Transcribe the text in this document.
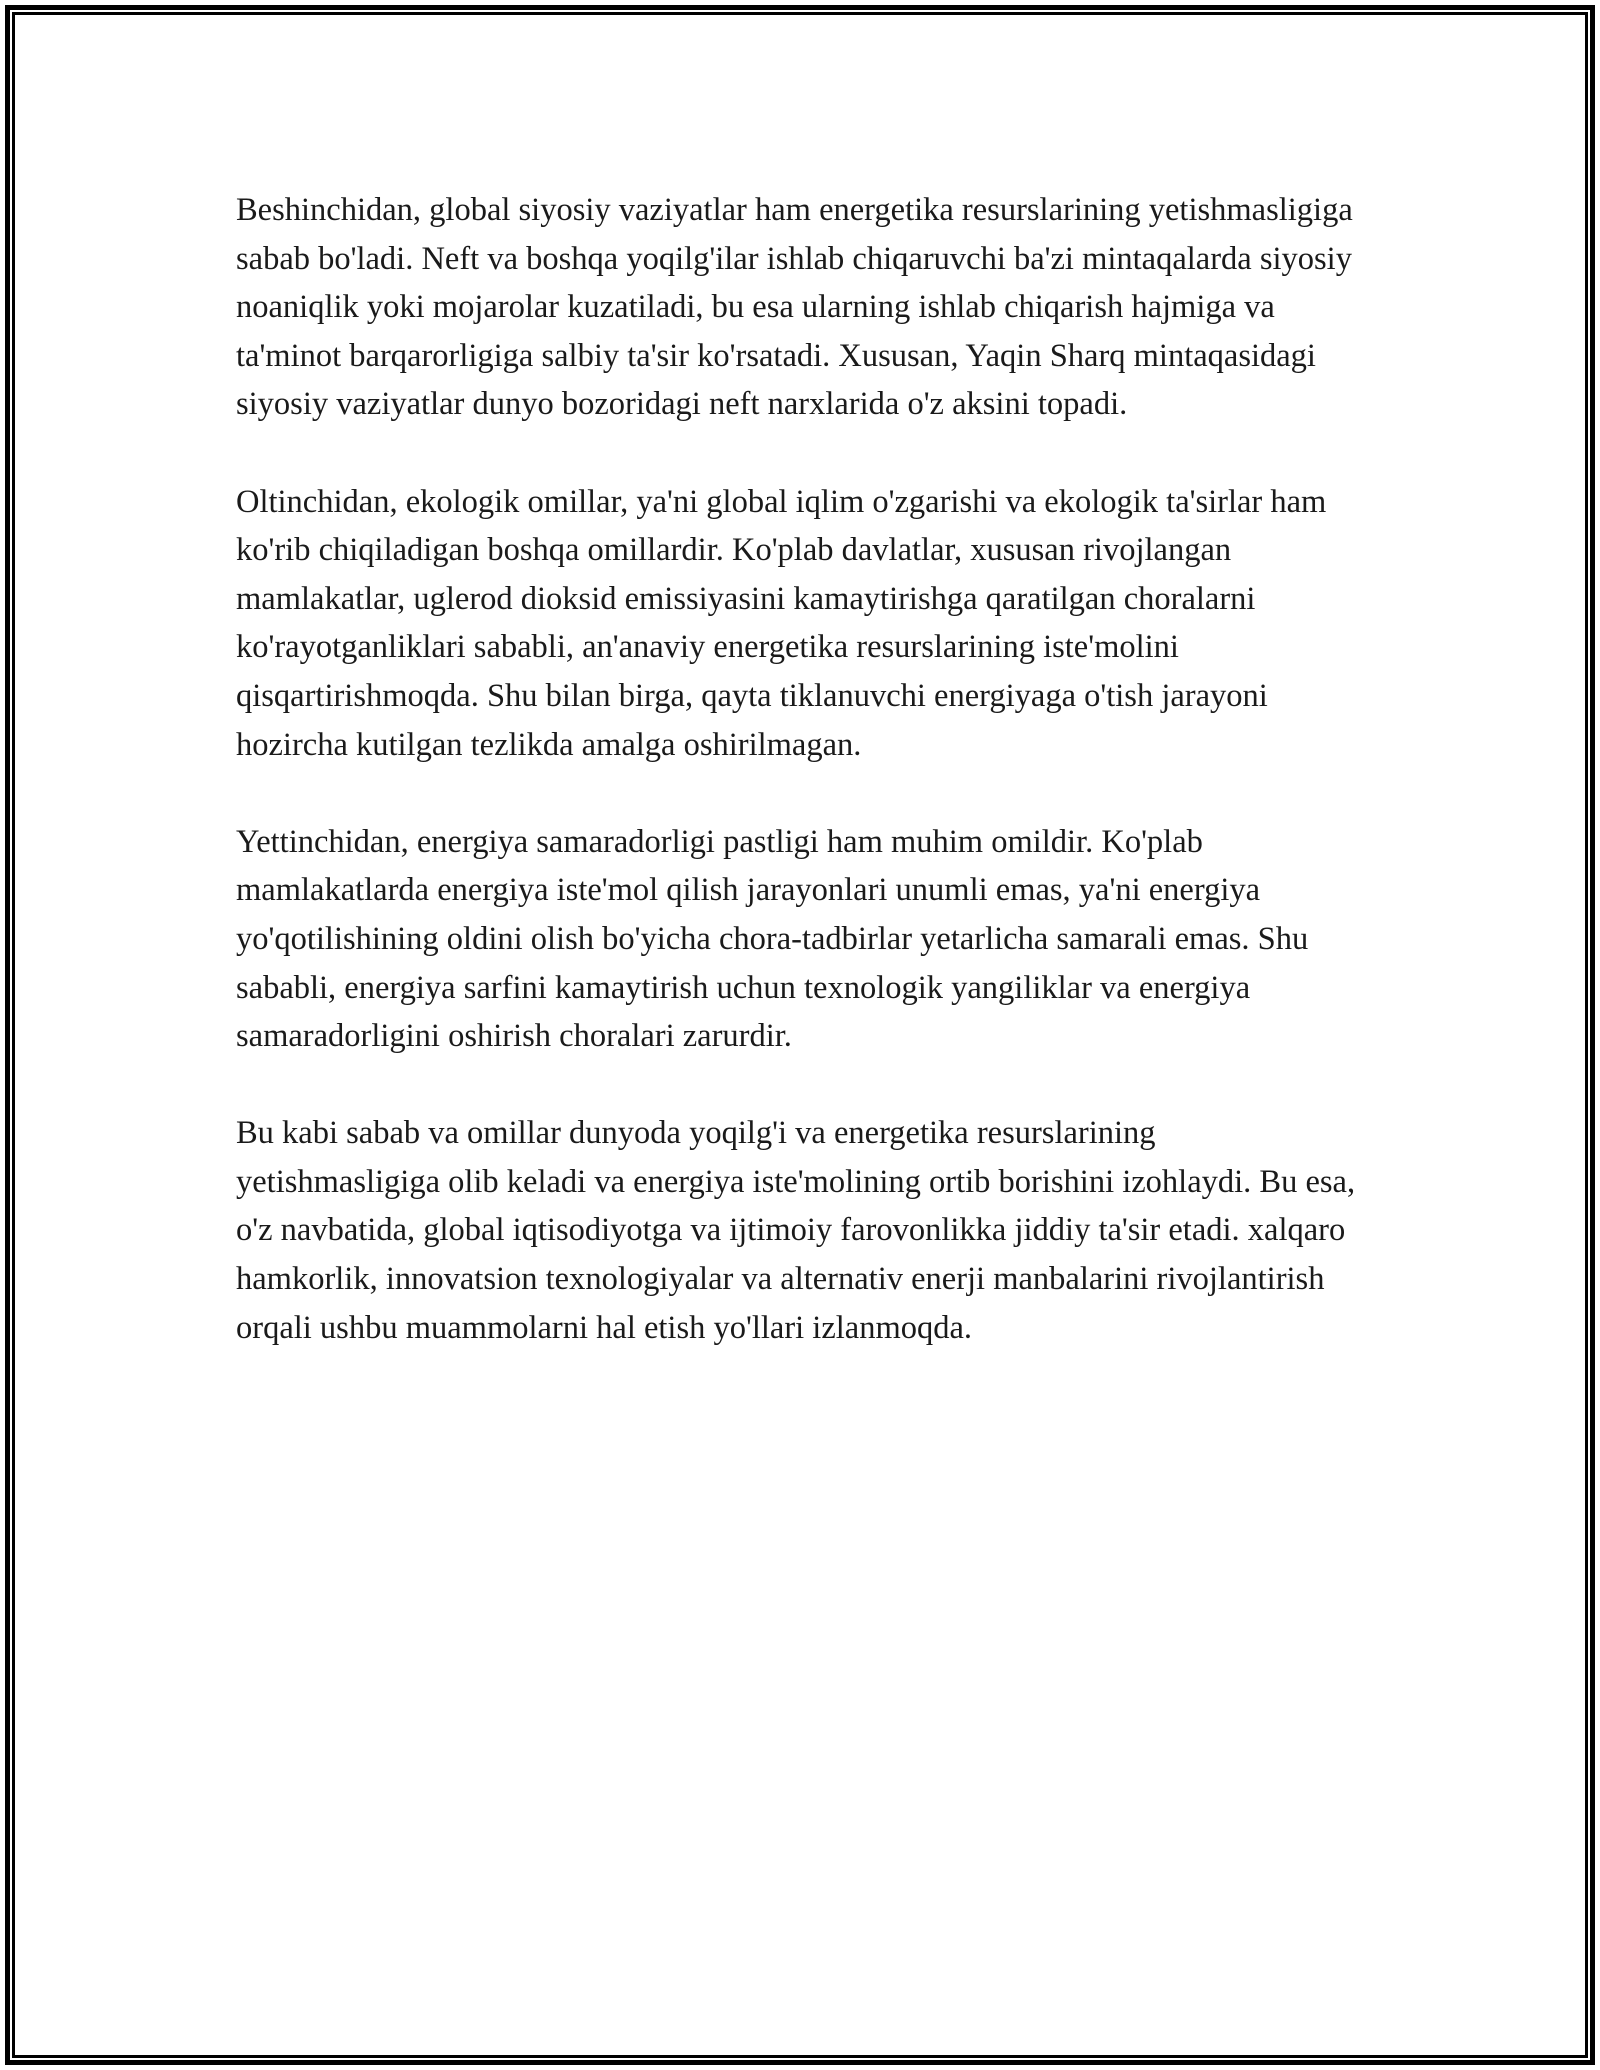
Beshinchidan, global siyosiy vaziyatlar ham energetika resurslarining yetishmasligiga sabab bo'ladi. Neft va boshqa yoqilg'ilar ishlab chiqaruvchi ba'zi mintaqalarda siyosiy noaniqlik yoki mojarolar kuzatiladi, bu esa ularning ishlab chiqarish hajmiga va ta'minot barqarorligiga salbiy ta'sir ko'rsatadi. Xususan, Yaqin Sharq mintaqasidagi siyosiy vaziyatlar dunyo bozoridagi neft narxlarida o'z aksini topadi.

Oltinchidan, ekologik omillar, ya'ni global iqlim o'zgarishi va ekologik ta'sirlar ham ko'rib chiqiladigan boshqa omillardir. Ko'plab davlatlar, xususan rivojlangan mamlakatlar, uglerod dioksid emissiyasini kamaytirishga qaratilgan choralarni ko'rayotganliklari sababli, an'anaviy energetika resurslarining iste'molini qisqartirishmoqda. Shu bilan birga, qayta tiklanuvchi energiyaga o'tish jarayoni hozircha kutilgan tezlikda amalga oshirilmagan.

Yettinchidan, energiya samaradorligi pastligi ham muhim omildir. Ko'plab mamlakatlarda energiya iste'mol qilish jarayonlari unumli emas, ya'ni energiya yo'qotilishining oldini olish bo'yicha chora-tadbirlar yetarlicha samarali emas. Shu sababli, energiya sarfini kamaytirish uchun texnologik yangiliklar va energiya samaradorligini oshirish choralari zarurdir.

Bu kabi sabab va omillar dunyoda yoqilg'i va energetika resurslarining yetishmasligiga olib keladi va energiya iste'molining ortib borishini izohlaydi. Bu esa, o'z navbatida, global iqtisodiyotga va ijtimoiy farovonlikka jiddiy ta'sir etadi. xalqaro hamkorlik, innovatsion texnologiyalar va alternativ enerji manbalarini rivojlantirish orqali ushbu muammolarni hal etish yo'llari izlanmoqda.
